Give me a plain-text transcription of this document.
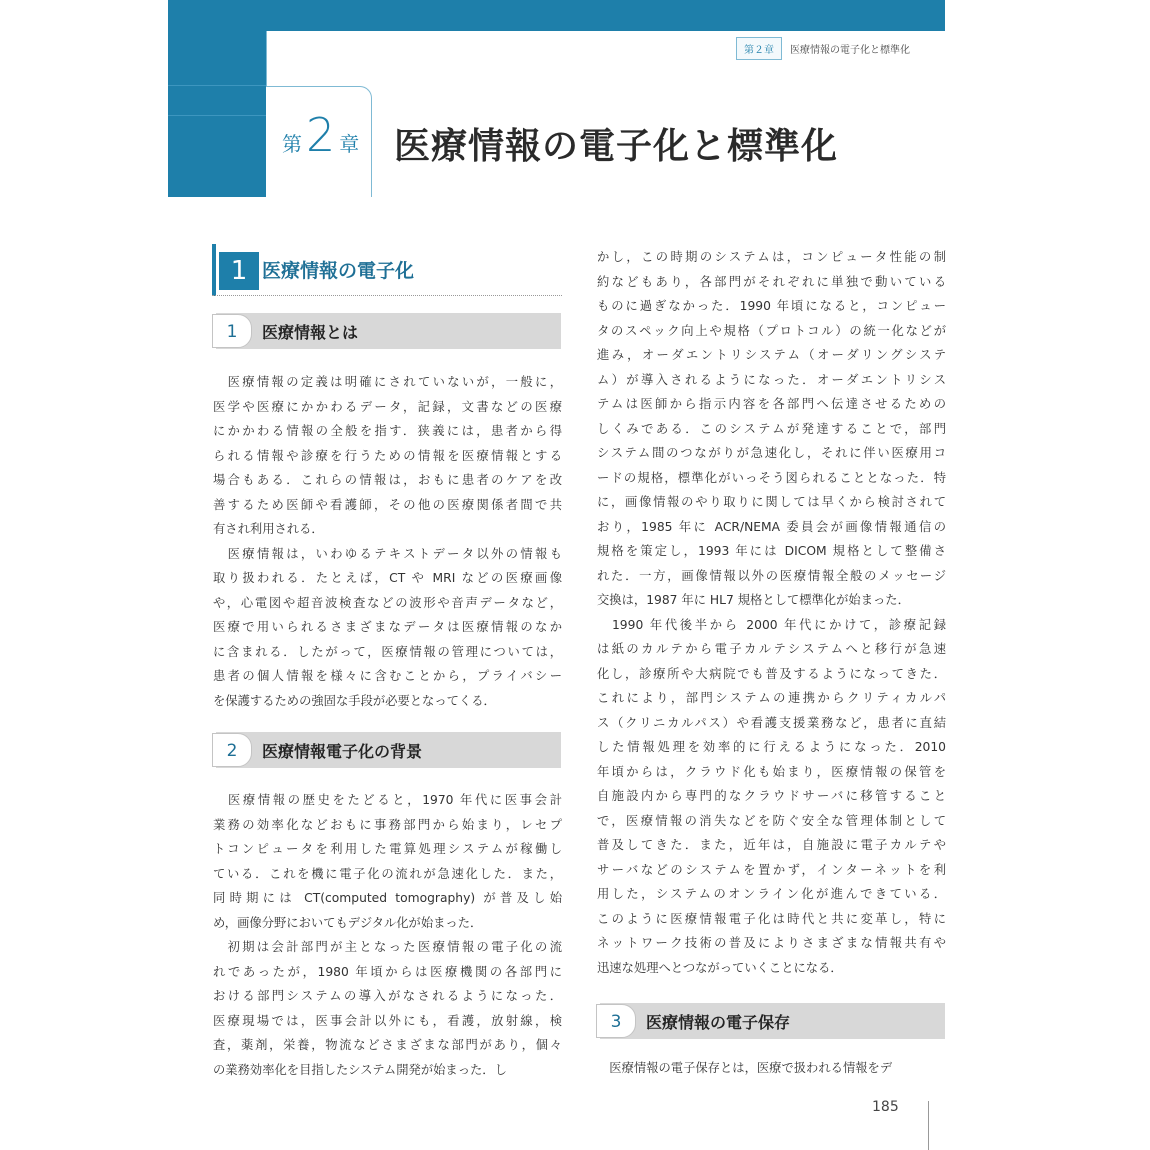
第２章	医療情報の電子化と標準化
第 2 章 医療情報の電子化と標準化
1 医療情報の電子化
1	医療情報とは
　医療情報の定義は明確にされていないが，一般に，
医学や医療にかかわるデータ，記録，文書などの医療
にかかわる情報の全般を指す．狭義には，患者から得
られる情報や診療を行うための情報を医療情報とする
場合もある．これらの情報は，おもに患者のケアを改
善するため医師や看護師，その他の医療関係者間で共
有され利用される．
　医療情報は，いわゆるテキストデータ以外の情報も
取り扱われる．たとえば，CT や MRI などの医療画像
や，心電図や超音波検査などの波形や音声データなど，
医療で用いられるさまざまなデータは医療情報のなか
に含まれる．したがって，医療情報の管理については，
患者の個人情報を様々に含むことから，プライバシー
を保護するための強固な手段が必要となってくる．
2	医療情報電子化の背景
　医療情報の歴史をたどると，1970 年代に医事会計
業務の効率化などおもに事務部門から始まり，レセプ
トコンピュータを利用した電算処理システムが稼働し
ている．これを機に電子化の流れが急速化した．また，
同時期には CT(computed tomography) が普及し始
め，画像分野においてもデジタル化が始まった．
　初期は会計部門が主となった医療情報の電子化の流
れであったが，1980 年頃からは医療機関の各部門に
おける部門システムの導入がなされるようになった．
医療現場では，医事会計以外にも，看護，放射線，検
査，薬剤，栄養，物流などさまざまな部門があり，個々
の業務効率化を目指したシステム開発が始まった．し
かし，この時期のシステムは，コンピュータ性能の制
約などもあり，各部門がそれぞれに単独で動いている
ものに過ぎなかった．1990 年頃になると，コンピュー
タのスペック向上や規格（プロトコル）の統一化などが
進み，オーダエントリシステム（オーダリングシステ
ム）が導入されるようになった．オーダエントリシス
テムは医師から指示内容を各部門へ伝達させるための
しくみである．このシステムが発達することで，部門
システム間のつながりが急速化し，それに伴い医療用コ
ードの規格，標準化がいっそう図られることとなった．特
に，画像情報のやり取りに関しては早くから検討されて
おり，1985 年に ACR/NEMA 委員会が画像情報通信の
規格を策定し，1993 年には DICOM 規格として整備さ
れた．一方，画像情報以外の医療情報全般のメッセージ
交換は，1987 年に HL7 規格として標準化が始まった．
　1990 年代後半から 2000 年代にかけて，診療記録
は紙のカルテから電子カルテシステムへと移行が急速
化し，診療所や大病院でも普及するようになってきた．
これにより，部門システムの連携からクリティカルパ
ス（クリニカルパス）や看護支援業務など，患者に直結
した情報処理を効率的に行えるようになった．2010
年頃からは，クラウド化も始まり，医療情報の保管を
自施設内から専門的なクラウドサーバに移管すること
で，医療情報の消失などを防ぐ安全な管理体制として
普及してきた．また，近年は，自施設に電子カルテや
サーバなどのシステムを置かず，インターネットを利
用した，システムのオンライン化が進んできている．
このように医療情報電子化は時代と共に変革し，特に
ネットワーク技術の普及によりさまざまな情報共有や
迅速な処理へとつながっていくことになる．
3	医療情報の電子保存
　医療情報の電子保存とは，医療で扱われる情報をデ
185
